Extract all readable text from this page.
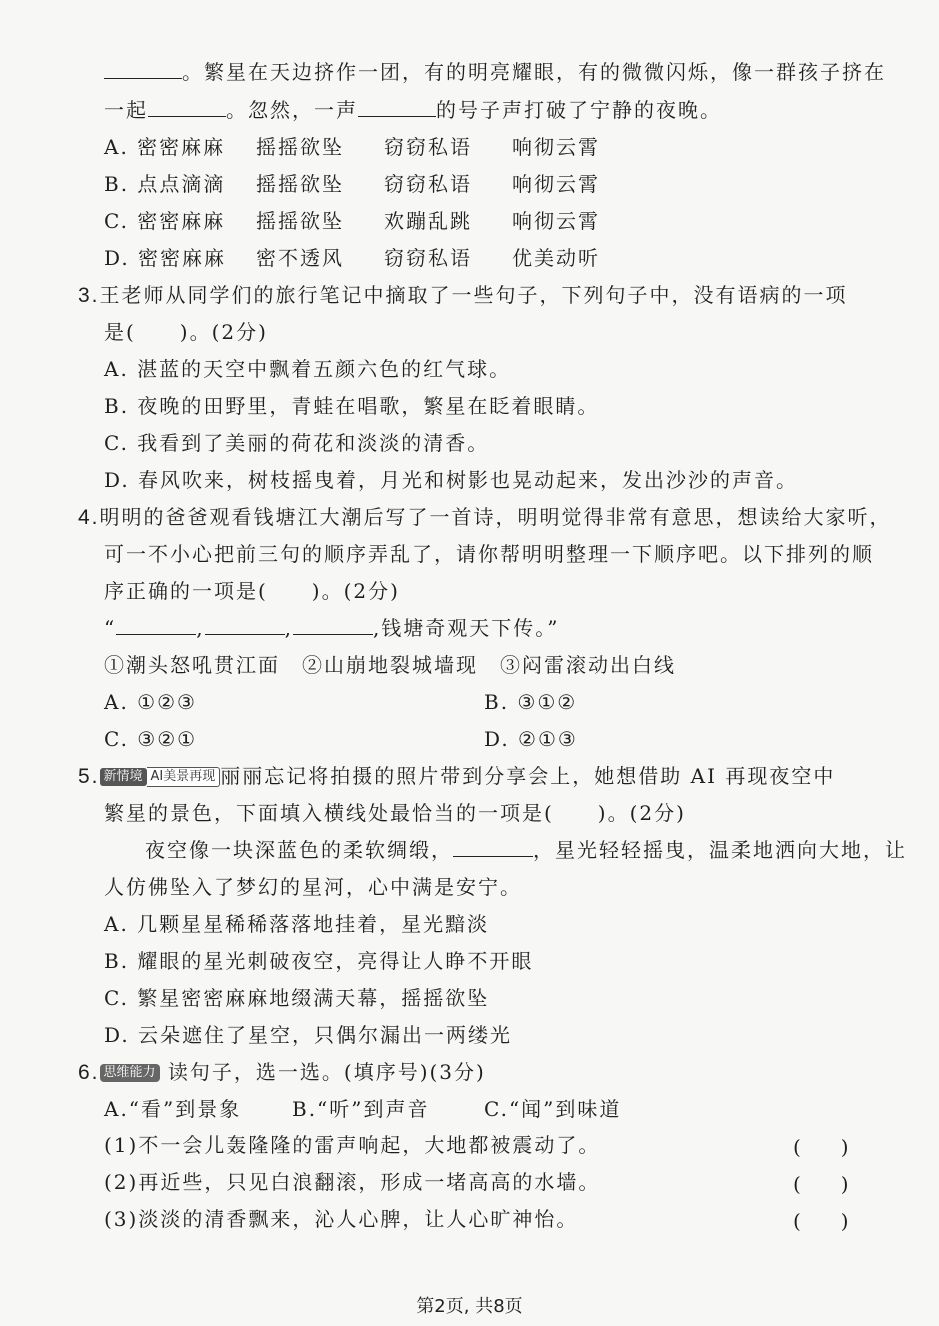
。繁星在天边挤作一团，有的明亮耀眼，有的微微闪烁，像一群孩子挤在
一起	。忽然，一声	的号子声打破了宁静的夜晚。
A. 密密麻麻 摇摇欲坠 窃窃私语 响彻云霄
B. 点点滴滴 摇摇欲坠 窃窃私语 响彻云霄
C. 密密麻麻 摇摇欲坠 欢蹦乱跳 响彻云霄
D. 密密麻麻 密不透风 窃窃私语 优美动听
3.王老师从同学们的旅行笔记中摘取了一些句子，下列句子中，没有语病的一项
是(　　)。(2分)
A. 湛蓝的天空中飘着五颜六色的红气球。
B. 夜晚的田野里，青蛙在唱歌，繁星在眨着眼睛。
C. 我看到了美丽的荷花和淡淡的清香。
D. 春风吹来，树枝摇曳着，月光和树影也晃动起来，发出沙沙的声音。
4.明明的爸爸观看钱塘江大潮后写了一首诗，明明觉得非常有意思，想读给大家听，
可一不小心把前三句的顺序弄乱了，请你帮明明整理一下顺序吧。以下排列的顺
序正确的一项是(　　)。(2分)
“	,	,	,钱塘奇观天下传。”
①潮头怒吼贯江面　②山崩地裂城墙现　③闷雷滚动出白线
A. ①②③	B. ③①②
C. ③②①	D. ②①③
5. 新情境 AI美景再现 丽丽忘记将拍摄的照片带到分享会上，她想借助 AI 再现夜空中
繁星的景色，下面填入横线处最恰当的一项是(　　)。(2分)
夜空像一块深蓝色的柔软绸缎，	，星光轻轻摇曳，温柔地洒向大地，让
人仿佛坠入了梦幻的星河，心中满是安宁。
A. 几颗星星稀稀落落地挂着，星光黯淡
B. 耀眼的星光刺破夜空，亮得让人睁不开眼
C. 繁星密密麻麻地缀满天幕，摇摇欲坠
D. 云朵遮住了星空，只偶尔漏出一两缕光
6. 思维能力 读句子，选一选。(填序号)(3分)
A.“看”到景象	B.“听”到声音	C.“闻”到味道
(1)不一会儿轰隆隆的雷声响起，大地都被震动了。	(　　)
(2)再近些，只见白浪翻滚，形成一堵高高的水墙。	(　　)
(3)淡淡的清香飘来，沁人心脾，让人心旷神怡。	(　　)
第2页, 共8页
